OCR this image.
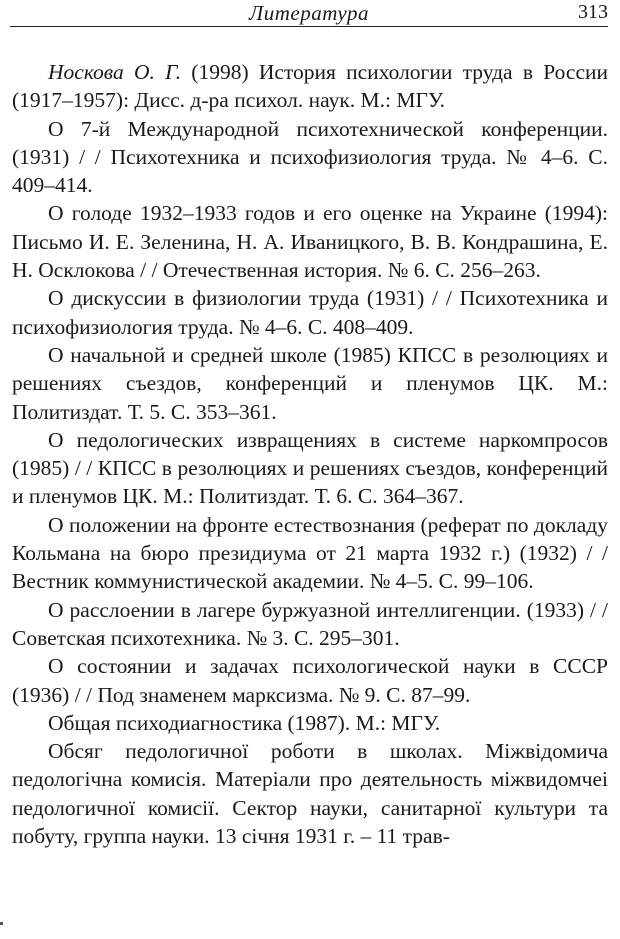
Литература	313

Носкова О. Г. (1998) История психологии труда в России (1917–1957): Дисс. д-ра психол. наук. М.: МГУ.

О 7-й Международной психотехнической конференции. (1931) / / Психотехника и психофизиология труда. № 4–6. С. 409–414.

О голоде 1932–1933 годов и его оценке на Украине (1994): Письмо И. Е. Зеленина, Н. А. Иваницкого, В. В. Кондрашина, Е. Н. Осклокова / / Отечественная история. № 6. С. 256–263.

О дискуссии в физиологии труда (1931) / / Психотехника и психофизиология труда. № 4–6. С. 408–409.

О начальной и средней школе (1985) КПСС в резолюциях и решениях съездов, конференций и пленумов ЦК. М.: Политиздат. Т. 5. С. 353–361.

О педологических извращениях в системе наркомпросов (1985) / / КПСС в резолюциях и решениях съездов, конференций и пленумов ЦК. М.: Политиздат. Т. 6. С. 364–367.

О положении на фронте естествознания (реферат по докладу Кольмана на бюро президиума от 21 марта 1932 г.) (1932) / / Вестник коммунистической академии. № 4–5. С. 99–106.

О расслоении в лагере буржуазной интеллигенции. (1933) / / Советская психотехника. № 3. С. 295–301.

О состоянии и задачах психологической науки в СССР (1936) / / Под знаменем марксизма. № 9. С. 87–99.

Общая психодиагностика (1987). М.: МГУ.

Обсяг педологичної роботи в школах. Міжвідомича педологічна комисія. Матеріали про деятельность міжвидомчеі педологичної комисії. Сектор науки, санитарної культури та побуту, группа науки. 13 січня 1931 г. – 11 трав-
